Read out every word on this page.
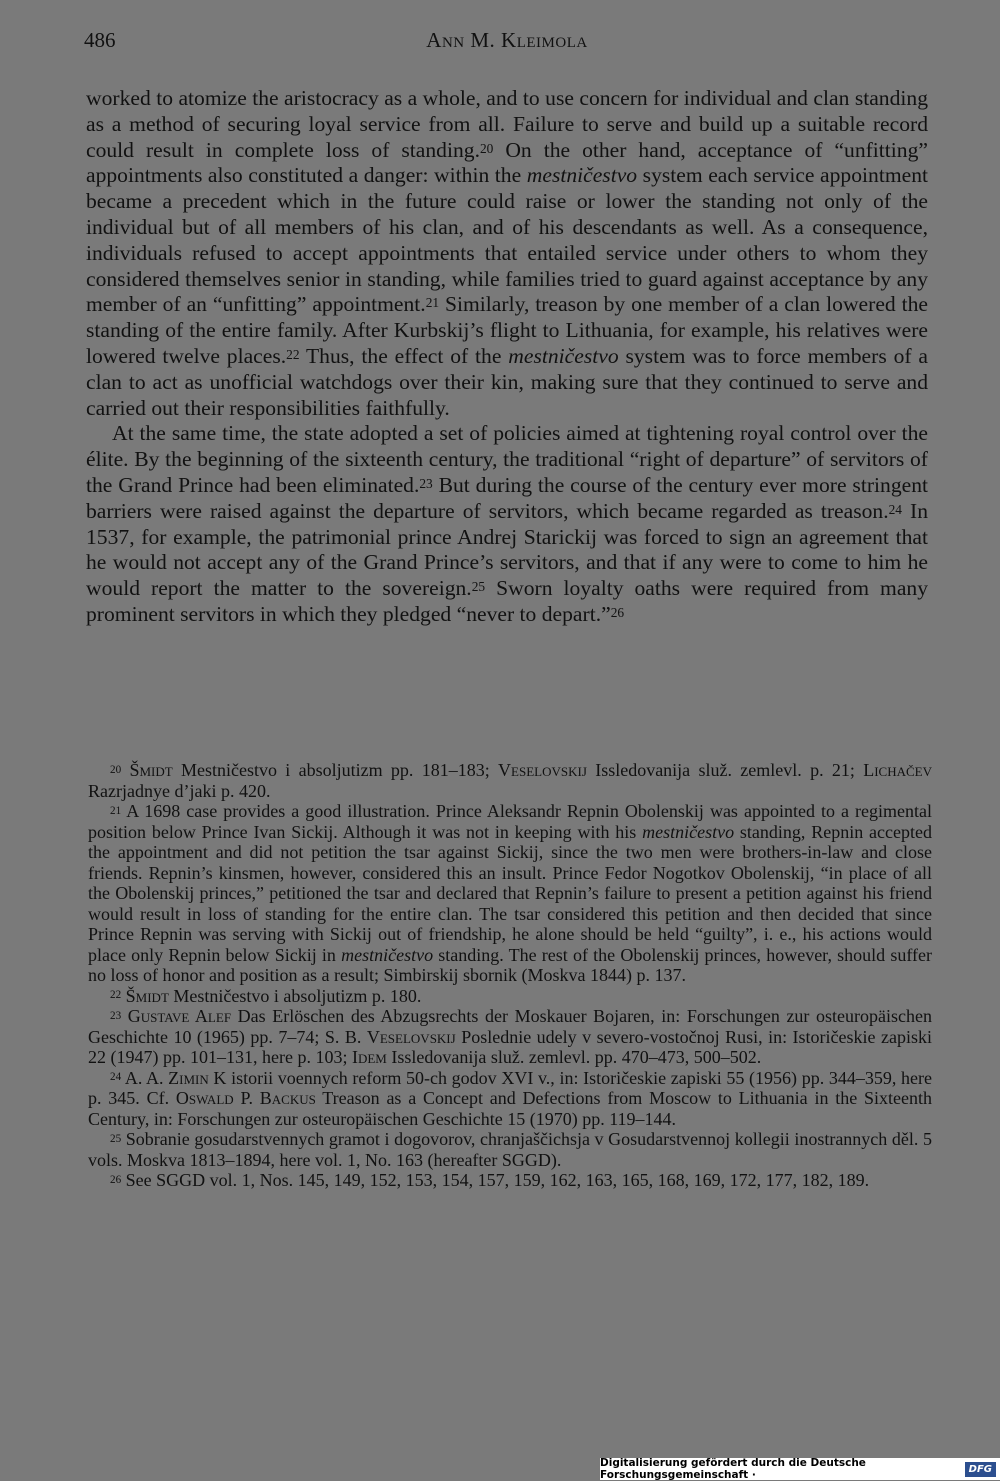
486	Ann M. Kleimola

worked to atomize the aristocracy as a whole, and to use concern for individual and clan standing as a method of securing loyal service from all. Failure to serve and build up a suitable record could result in complete loss of standing.$^{20}$ On the other hand, acceptance of “unfitting” appointments also constituted a danger: within the mestničestvo system each service appointment became a precedent which in the future could raise or lower the standing not only of the individual but of all members of his clan, and of his descendants as well. As a consequence, individuals refused to accept appointments that entailed service under others to whom they considered themselves senior in standing, while families tried to guard against acceptance by any member of an “unfitting” appointment.$^{21}$ Similarly, treason by one member of a clan lowered the standing of the entire family. After Kurbskij’s flight to Lithuania, for example, his relatives were lowered twelve places.$^{22}$ Thus, the effect of the mestničestvo system was to force members of a clan to act as unofficial watchdogs over their kin, making sure that they continued to serve and carried out their responsibilities faithfully.

At the same time, the state adopted a set of policies aimed at tightening royal control over the élite. By the beginning of the sixteenth century, the traditional “right of departure” of servitors of the Grand Prince had been eliminated.$^{23}$ But during the course of the century ever more stringent barriers were raised against the departure of servitors, which became regarded as treason.$^{24}$ In 1537, for example, the patrimonial prince Andrej Starickij was forced to sign an agreement that he would not accept any of the Grand Prince’s servitors, and that if any were to come to him he would report the matter to the sovereign.$^{25}$ Sworn loyalty oaths were required from many prominent servitors in which they pledged “never to depart.”$^{26}$

$^{20}$ Šmidt Mestničestvo i absoljutizm pp. 181–183; Veselovskij Issledovanija služ. zemlevl. p. 21; Lichačev Razrjadnye d’jaki p. 420.

$^{21}$ A 1698 case provides a good illustration. Prince Aleksandr Repnin Obolenskij was appointed to a regimental position below Prince Ivan Sickij. Although it was not in keeping with his mestničestvo standing, Repnin accepted the appointment and did not petition the tsar against Sickij, since the two men were brothers-in-law and close friends. Repnin’s kinsmen, however, considered this an insult. Prince Fedor Nogotkov Obolenskij, “in place of all the Obolenskij princes,” petitioned the tsar and declared that Repnin’s failure to present a petition against his friend would result in loss of standing for the entire clan. The tsar considered this petition and then decided that since Prince Repnin was serving with Sickij out of friendship, he alone should be held “guilty”, i. e., his actions would place only Repnin below Sickij in mestničestvo standing. The rest of the Obolenskij princes, however, should suffer no loss of honor and position as a result; Simbirskij sbornik (Moskva 1844) p. 137.

$^{22}$ Šmidt Mestničestvo i absoljutizm p. 180.

$^{23}$ Gustave Alef Das Erlöschen des Abzugsrechts der Moskauer Bojaren, in: Forschungen zur osteuropäischen Geschichte 10 (1965) pp. 7–74; S. B. Veselovskij Poslednie udely v severo-vostočnoj Rusi, in: Istoričeskie zapiski 22 (1947) pp. 101–131, here p. 103; Idem Issledovanija služ. zemlevl. pp. 470–473, 500–502.

$^{24}$ A. A. Zimin K istorii voennych reform 50-ch godov XVI v., in: Istoričeskie zapiski 55 (1956) pp. 344–359, here p. 345. Cf. Oswald P. Backus Treason as a Concept and Defections from Moscow to Lithuania in the Sixteenth Century, in: Forschungen zur osteuropäischen Geschichte 15 (1970) pp. 119–144.

$^{25}$ Sobranie gosudarstvennych gramot i dogovorov, chranjaščichsja v Gosudarstvennoj kollegii inostrannych děl. 5 vols. Moskva 1813–1894, here vol. 1, No. 163 (hereafter SGGD).

$^{26}$ See SGGD vol. 1, Nos. 145, 149, 152, 153, 154, 157, 159, 162, 163, 165, 168, 169, 172, 177, 182, 189.

Digitalisierung gefördert durch die Deutsche Forschungsgemeinschaft ·	DFG
